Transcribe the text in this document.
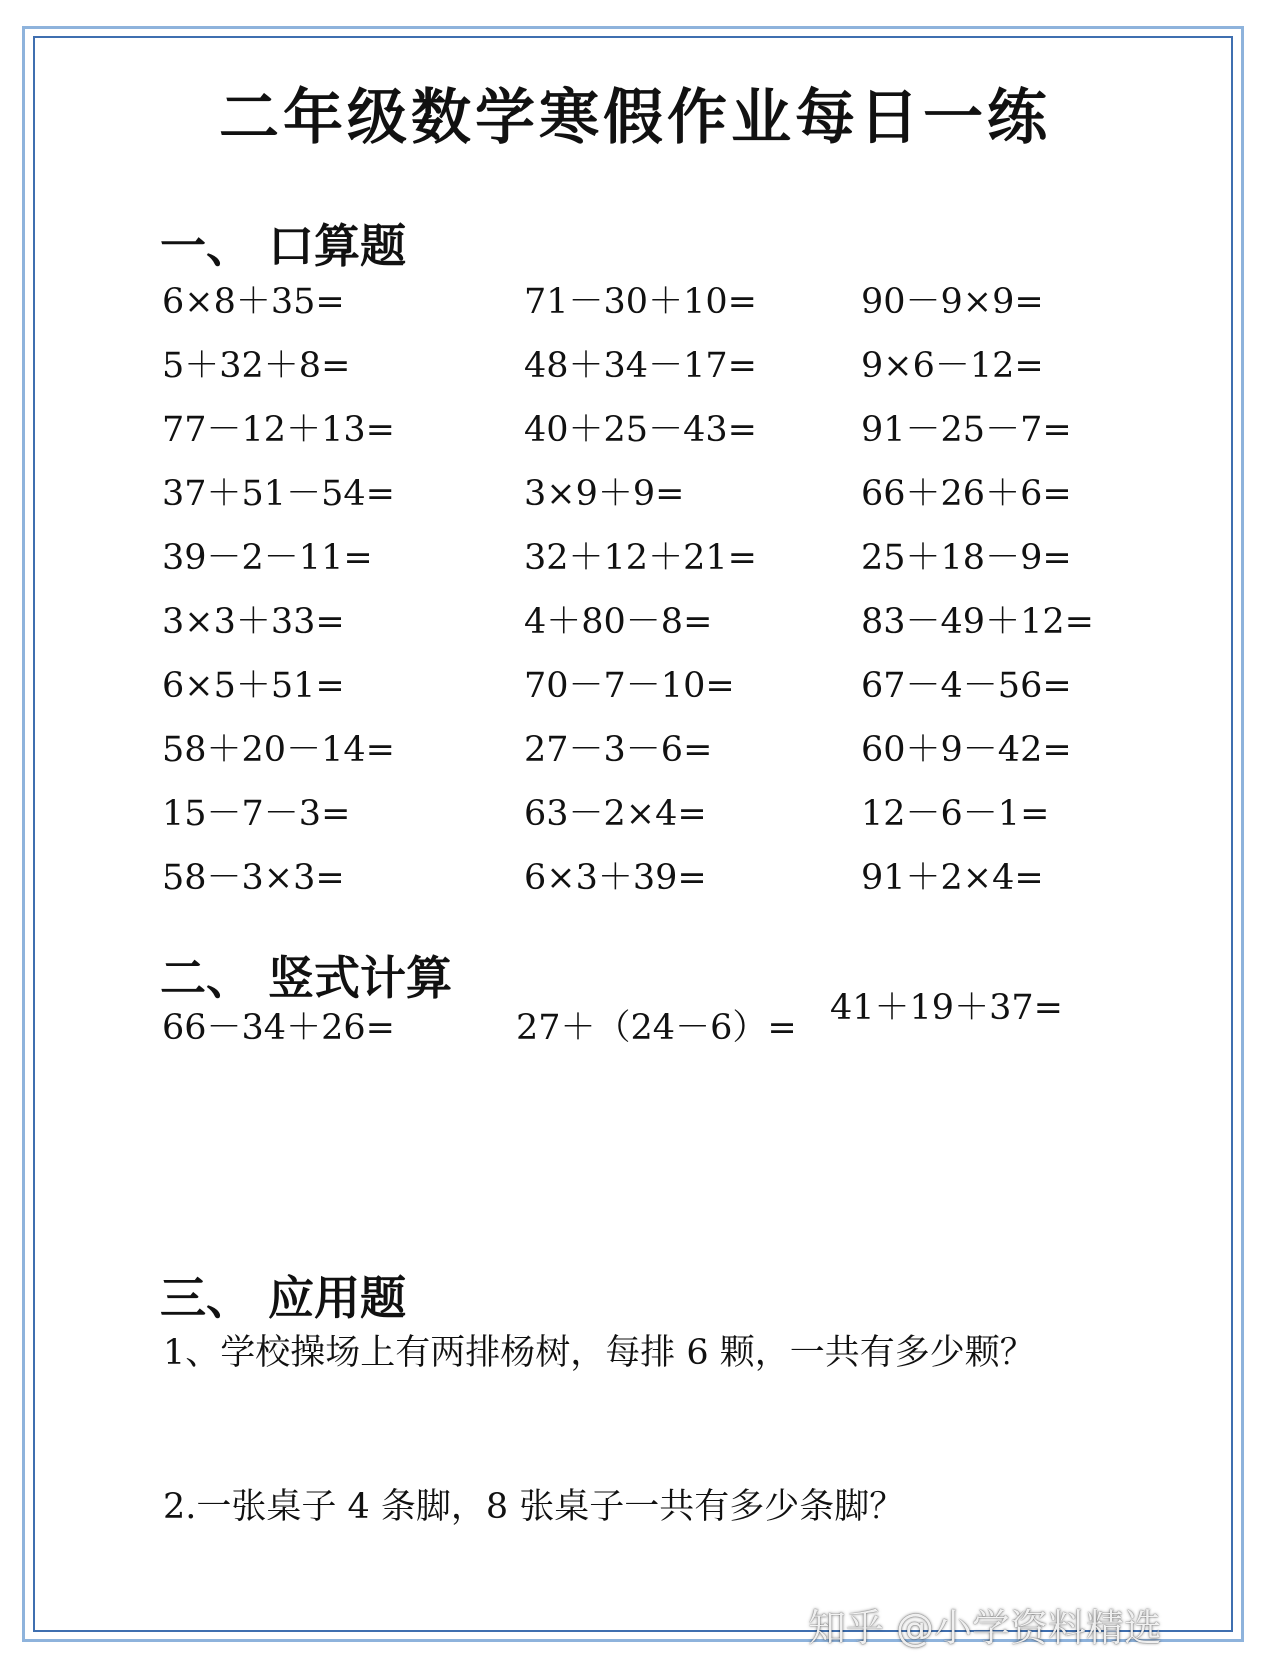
二年级数学寒假作业每日一练
一、 口算题
6×8＋35=	71－30＋10=	90－9×9=
5＋32＋8=	48＋34－17=	9×6－12=
77－12＋13=	40＋25－43=	91－25－7=
37＋51－54=	3×9＋9=	66＋26＋6=
39－2－11=	32＋12＋21=	25＋18－9=
3×3＋33=	4＋80－8=	83－49＋12=
6×5＋51=	70－7－10=	67－4－56=
58＋20－14=	27－3－6=	60＋9－42=
15－7－3=	63－2×4=	12－6－1=
58－3×3=	6×3＋39=	91＋2×4=
二、 竖式计算
66－34＋26=	27＋（24－6）= 41＋19＋37=
三、 应用题
1、学校操场上有两排杨树，每排 6 颗，一共有多少颗？
2.一张桌子 4 条脚，8 张桌子一共有多少条脚？
知乎 @小学资料精选
